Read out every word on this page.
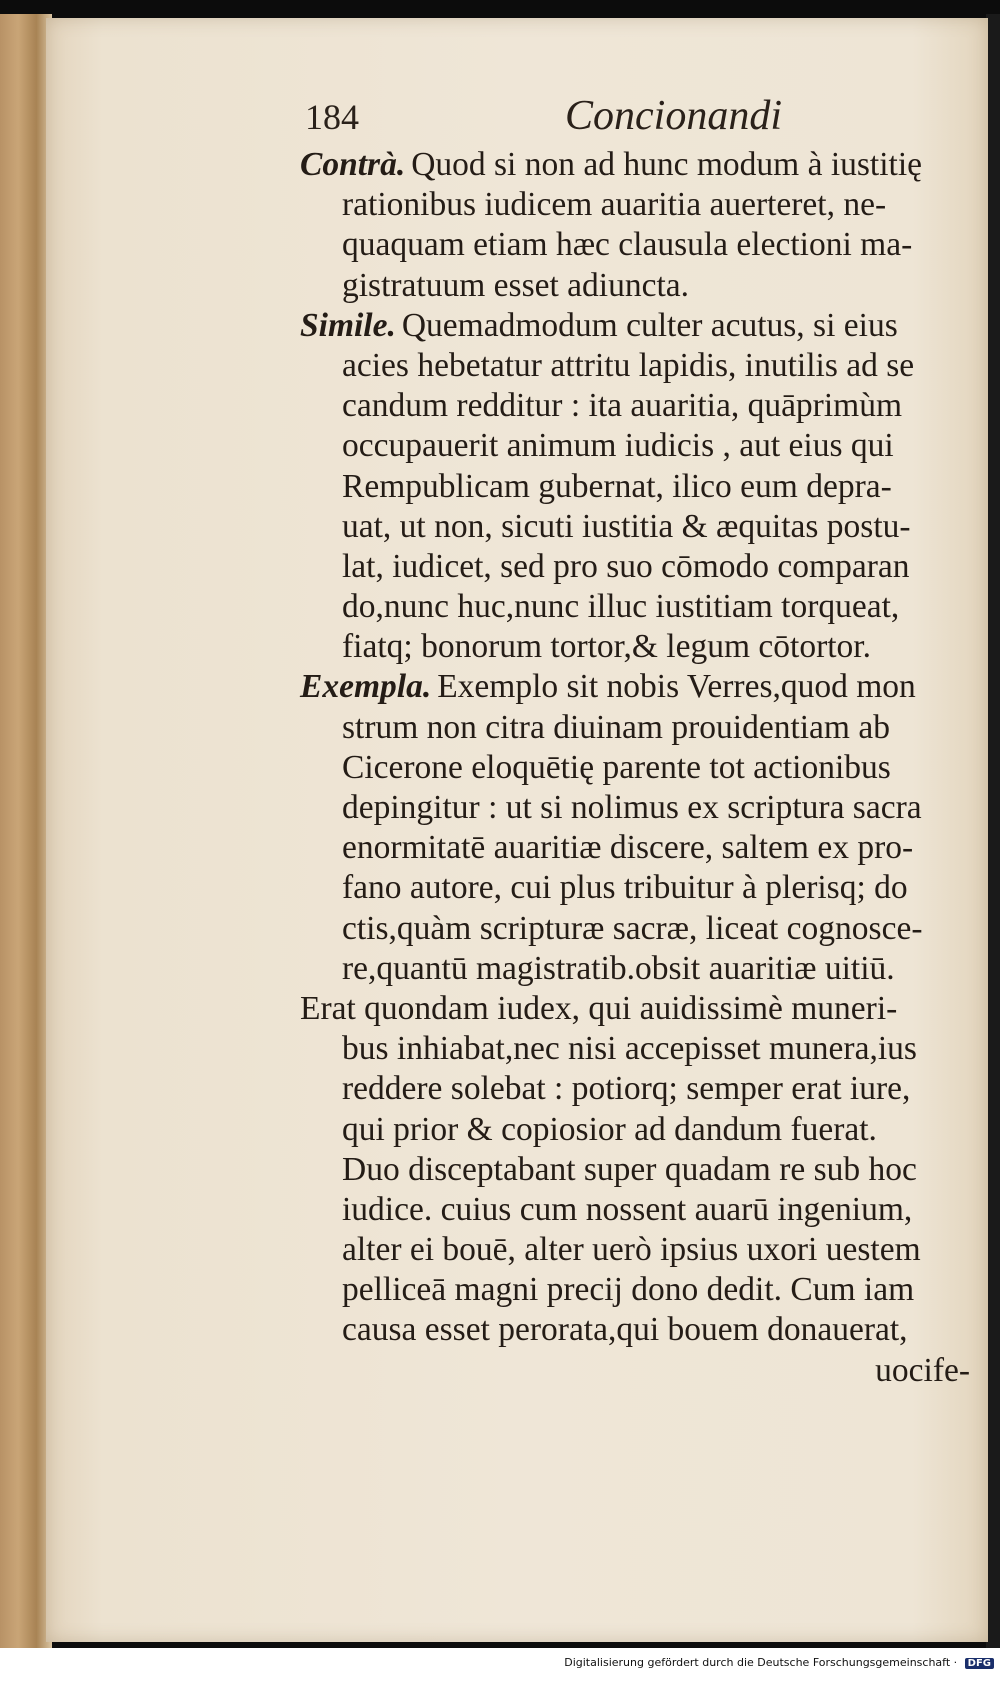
184	Concionandi
Contrà. Quod si non ad hunc modum à iustitię
rationibus iudicem auaritia auerteret, ne-
quaquam etiam hæc clausula electioni ma-
gistratuum esset adiuncta.
Simile. Quemadmodum culter acutus, si eius
acies hebetatur attritu lapidis, inutilis ad se
candum redditur : ita auaritia, quāprimùm
occupauerit animum iudicis , aut eius qui
Rempublicam gubernat, ilico eum depra-
uat, ut non, sicuti iustitia & æquitas postu-
lat, iudicet, sed pro suo cōmodo comparan
do,nunc huc,nunc illuc iustitiam torqueat,
fiatq; bonorum tortor,& legum cōtortor.
Exempla. Exemplo sit nobis Verres,quod mon
strum non citra diuinam prouidentiam ab
Cicerone eloquētię parente tot actionibus
depingitur : ut si nolimus ex scriptura sacra
enormitatē auaritiæ discere, saltem ex pro-
fano autore, cui plus tribuitur à plerisq; do
ctis,quàm scripturæ sacræ, liceat cognosce-
re,quantū magistratib.obsit auaritiæ uitiū.
Erat quondam iudex, qui auidissimè muneri-
bus inhiabat,nec nisi accepisset munera,ius
reddere solebat : potiorq; semper erat iure,
qui prior & copiosior ad dandum fuerat.
Duo disceptabant super quadam re sub hoc
iudice. cuius cum nossent auarū ingenium,
alter ei bouē, alter uerò ipsius uxori uestem
pelliceā magni precij dono dedit. Cum iam
causa esset perorata,qui bouem donauerat,
uocife-
Digitalisierung gefördert durch die Deutsche Forschungsgemeinschaft · DFG
